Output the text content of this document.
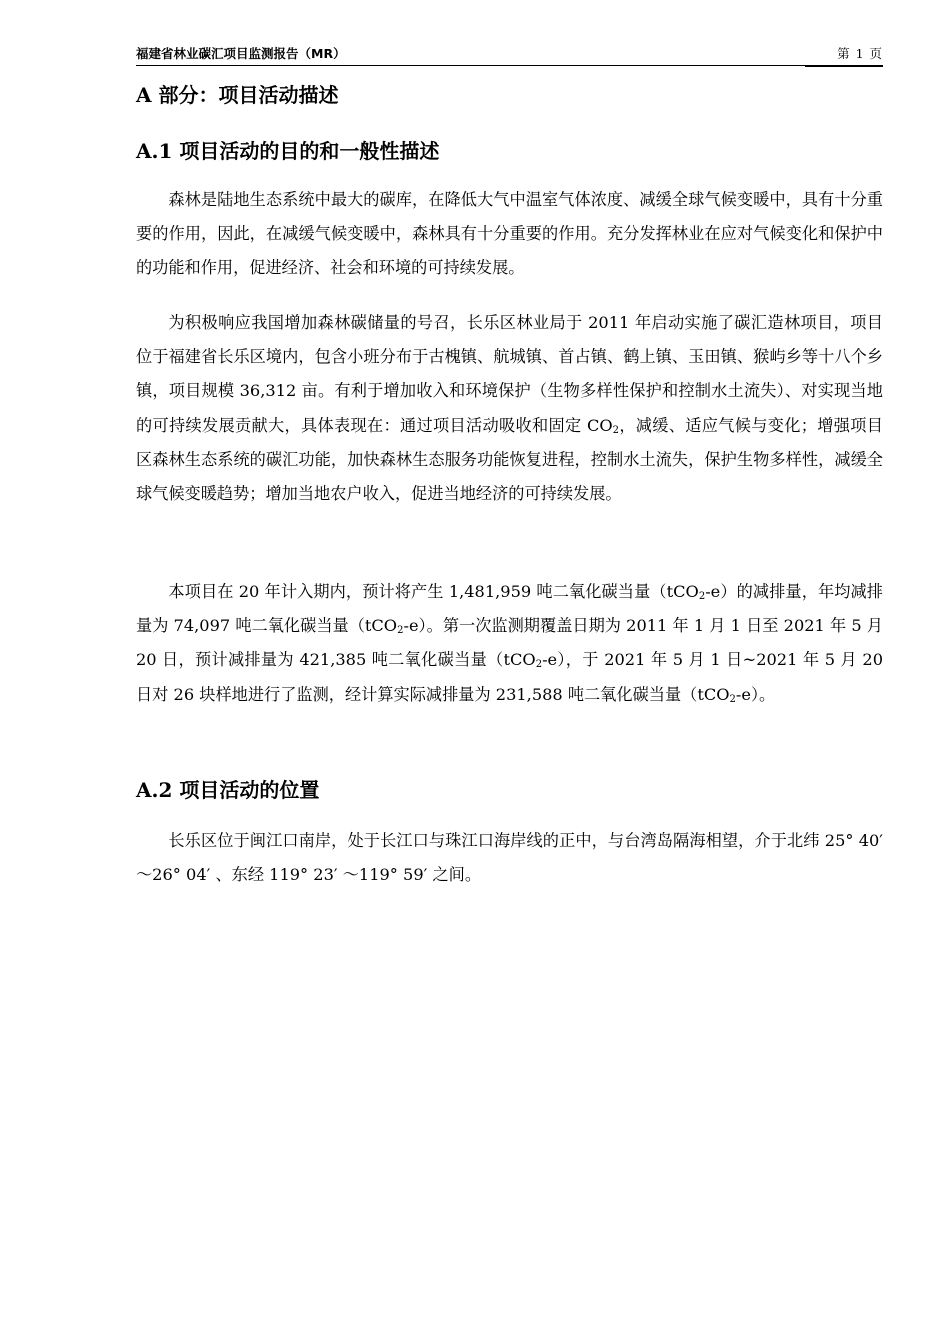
福建省林业碳汇项目监测报告（MR）	第 1 页
A 部分：项目活动描述
A.1 项目活动的目的和一般性描述

森林是陆地生态系统中最大的碳库，在降低大气中温室气体浓度、减缓全球气候变暖中，具有十分重要的作用，因此，在减缓气候变暖中，森林具有十分重要的作用。充分发挥林业在应对气候变化和保护中的功能和作用，促进经济、社会和环境的可持续发展。

为积极响应我国增加森林碳储量的号召，长乐区林业局于 2011 年启动实施了碳汇造林项目，项目位于福建省长乐区境内，包含小班分布于古槐镇、航城镇、首占镇、鹤上镇、玉田镇、猴屿乡等十八个乡镇，项目规模 36,312 亩。有利于增加收入和环境保护（生物多样性保护和控制水土流失）、对实现当地的可持续发展贡献大，具体表现在：通过项目活动吸收和固定 $CO_2$，减缓、适应气候与变化；增强项目区森林生态系统的碳汇功能，加快森林生态服务功能恢复进程，控制水土流失，保护生物多样性，减缓全球气候变暖趋势；增加当地农户收入，促进当地经济的可持续发展。

本项目在 20 年计入期内，预计将产生 1,481,959 吨二氧化碳当量（tCO$_2$-e）的减排量，年均减排量为 74,097 吨二氧化碳当量（tCO$_2$-e）。第一次监测期覆盖日期为 2011 年 1 月 1 日至 2021 年 5 月 20 日，预计减排量为 421,385 吨二氧化碳当量（tCO$_2$-e），于 2021 年 5 月 1 日~2021 年 5 月 20 日对 26 块样地进行了监测，经计算实际减排量为 231,588 吨二氧化碳当量（tCO$_2$-e）。

A.2 项目活动的位置

长乐区位于闽江口南岸，处于长江口与珠江口海岸线的正中，与台湾岛隔海相望，介于北纬 25° 40′ ～26° 04′ 、东经 119° 23′ ～119° 59′ 之间。
